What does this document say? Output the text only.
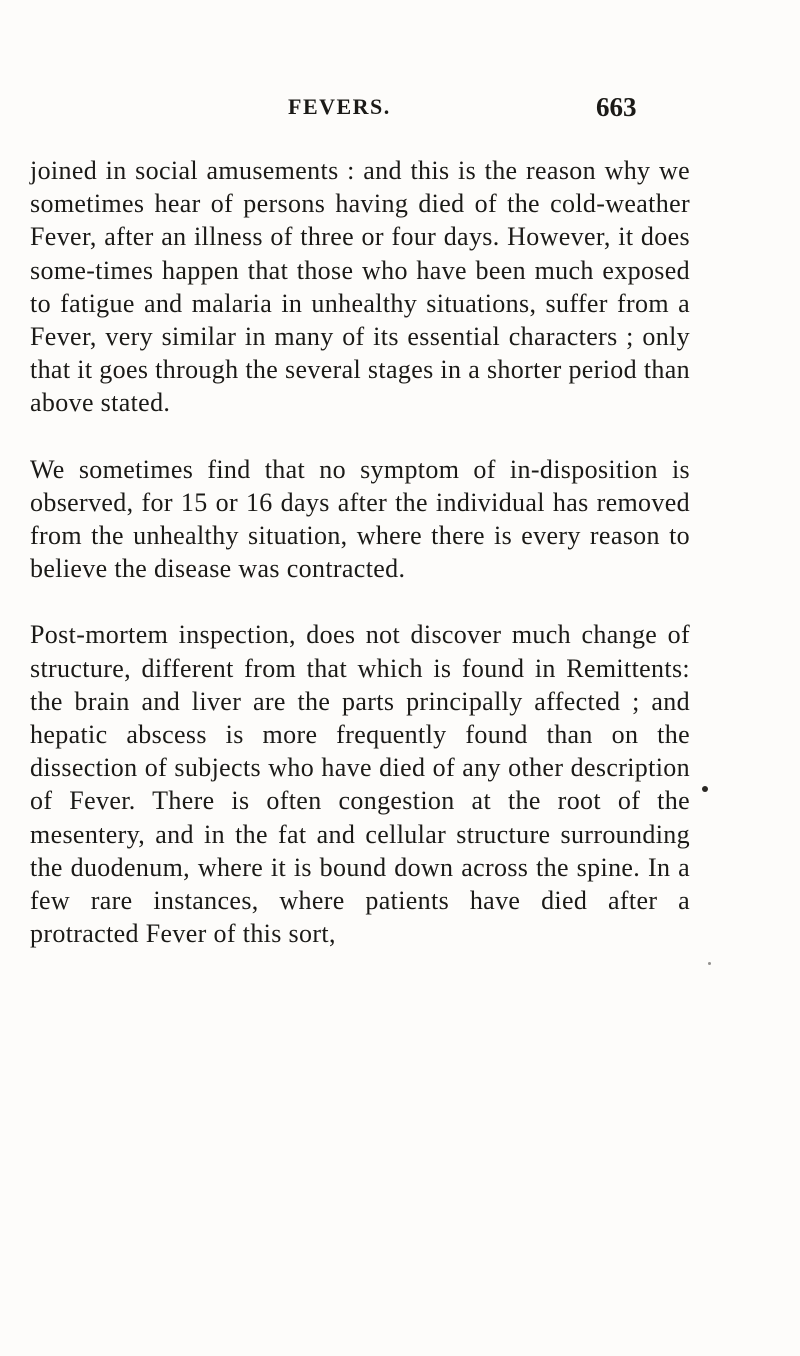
FEVERS.	663

joined in social amusements : and this is the reason why we sometimes hear of persons having died of the cold-weather Fever, after an illness of three or four days. However, it does some-times happen that those who have been much exposed to fatigue and malaria in unhealthy situations, suffer from a Fever, very similar in many of its essential characters ; only that it goes through the several stages in a shorter period than above stated.

We sometimes find that no symptom of in-disposition is observed, for 15 or 16 days after the individual has removed from the unhealthy situation, where there is every reason to believe the disease was contracted.

Post-mortem inspection, does not discover much change of structure, different from that which is found in Remittents: the brain and liver are the parts principally affected ; and hepatic abscess is more frequently found than on the dissection of subjects who have died of any other description of Fever. There is often congestion at the root of the mesentery, and in the fat and cellular structure surrounding the duodenum, where it is bound down across the spine. In a few rare instances, where patients have died after a protracted Fever of this sort,
